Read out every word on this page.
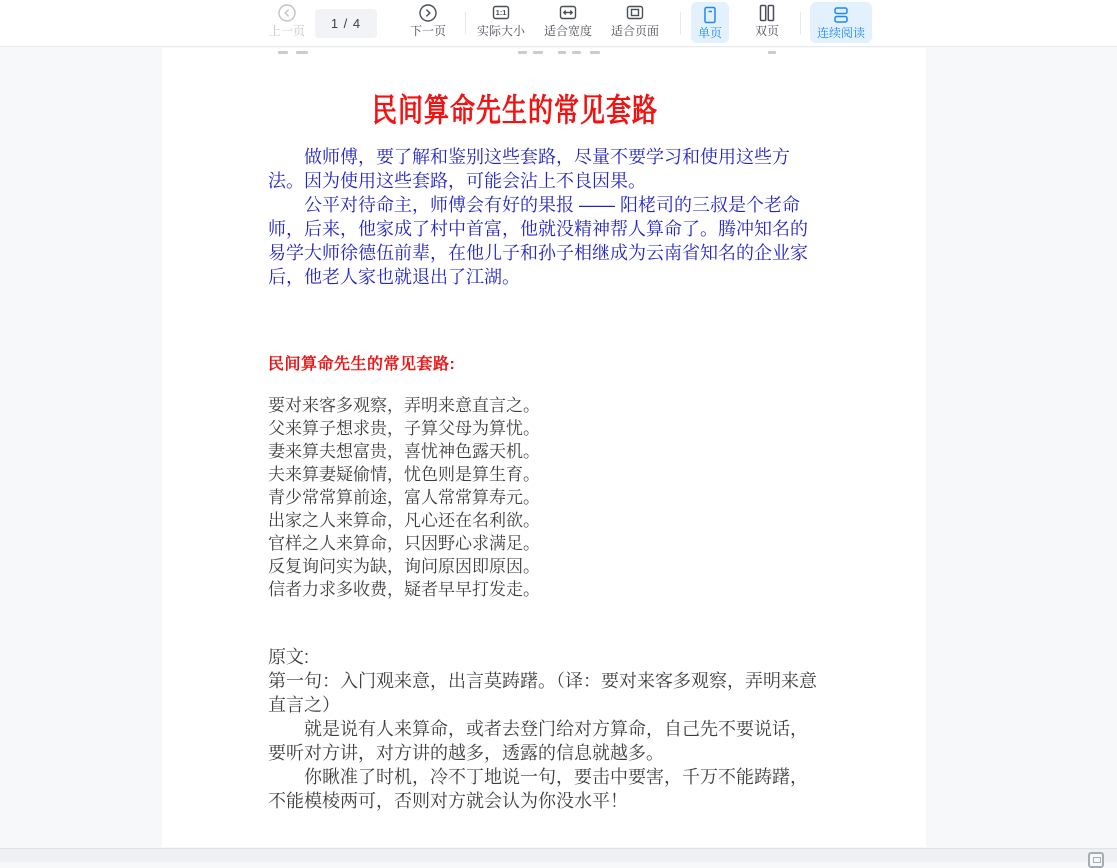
上一页	1 / 4	下一页
1:1
实际大小 适合宽度 适合页面	单页	双页	连续阅读
民间算命先生的常见套路

做师傅，要了解和鉴别这些套路，尽量不要学习和使用这些方法。因为使用这些套路，可能会沾上不良因果。

公平对待命主，师傅会有好的果报 —— 阳栳司的三叔是个老命师，后来，他家成了村中首富，他就没精神帮人算命了。腾冲知名的易学大师徐德伍前辈，在他儿子和孙子相继成为云南省知名的企业家后，他老人家也就退出了江湖。

民间算命先生的常见套路:
要对来客多观察，弄明来意直言之。
父来算子想求贵，子算父母为算忧。
妻来算夫想富贵，喜忧神色露天机。
夫来算妻疑偷情，忧色则是算生育。
青少常常算前途，富人常常算寿元。
出家之人来算命，凡心还在名利欲。
官样之人来算命，只因野心求满足。
反复询问实为缺，询问原因即原因。
信者力求多收费，疑者早早打发走。

原文:

第一句：入门观来意，出言莫踌躇。（译：要对来客多观察，弄明来意直言之）

就是说有人来算命，或者去登门给对方算命，自己先不要说话，要听对方讲，对方讲的越多，透露的信息就越多。

你瞅准了时机，冷不丁地说一句，要击中要害，千万不能踌躇，不能模棱两可，否则对方就会认为你没水平！
